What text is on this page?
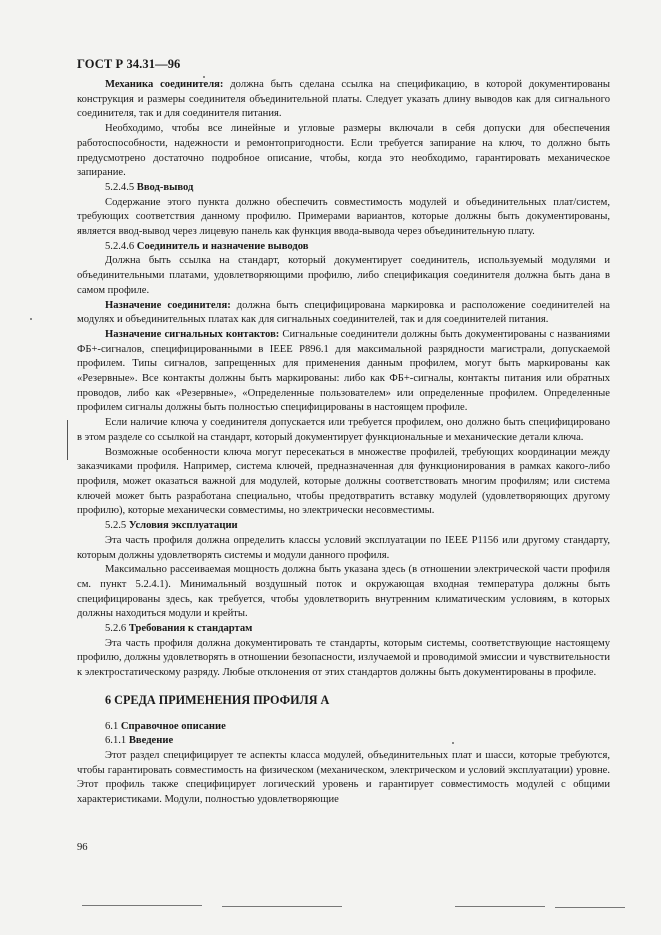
ГОСТ Р 34.31—96

Механика соединителя: должна быть сделана ссылка на спецификацию, в которой документированы конструкция и размеры соединителя объединительной платы. Следует указать длину выводов как для сигнального соединителя, так и для соединителя питания.

Необходимо, чтобы все линейные и угловые размеры включали в себя допуски для обеспечения работоспособности, надежности и ремонтопригодности. Если требуется запирание на ключ, то должно быть предусмотрено достаточно подробное описание, чтобы, когда это необходимо, гарантировать механическое запирание.

5.2.4.5 Ввод-вывод

Содержание этого пункта должно обеспечить совместимость модулей и объединительных плат/систем, требующих соответствия данному профилю. Примерами вариантов, которые должны быть документированы, является ввод-вывод через лицевую панель как функция ввода-вывода через объединительную плату.

5.2.4.6 Соединитель и назначение выводов

Должна быть ссылка на стандарт, который документирует соединитель, используемый модулями и объединительными платами, удовлетворяющими профилю, либо спецификация соединителя должна быть дана в самом профиле.

Назначение соединителя: должна быть специфицирована маркировка и расположение соединителей на модулях и объединительных платах как для сигнальных соединителей, так и для соединителей питания.

Назначение сигнальных контактов: Сигнальные соединители должны быть документированы с названиями ФБ+-сигналов, специфицированными в IEEE P896.1 для максимальной разрядности магистрали, допускаемой профилем. Типы сигналов, запрещенных для применения данным профилем, могут быть маркированы как «Резервные». Все контакты должны быть маркированы: либо как ФБ+-сигналы, контакты питания или обратных проводов, либо как «Резервные», «Определенные пользователем» или определенные профилем. Определенные профилем сигналы должны быть полностью специфицированы в настоящем профиле.

Если наличие ключа у соединителя допускается или требуется профилем, оно должно быть специфицировано в этом разделе со ссылкой на стандарт, который документирует функциональные и механические детали ключа.

Возможные особенности ключа могут пересекаться в множестве профилей, требующих координации между заказчиками профиля. Например, система ключей, предназначенная для функционирования в рамках какого-либо профиля, может оказаться важной для модулей, которые должны соответствовать многим профилям; или система ключей может быть разработана специально, чтобы предотвратить вставку модулей (удовлетворяющих другому профилю), которые механически совместимы, но электрически несовместимы.

5.2.5 Условия эксплуатации

Эта часть профиля должна определить классы условий эксплуатации по IEEE P1156 или другому стандарту, которым должны удовлетворять системы и модули данного профиля.

Максимально рассеиваемая мощность должна быть указана здесь (в отношении электрической части профиля см. пункт 5.2.4.1). Минимальный воздушный поток и окружающая входная температура должны быть специфицированы здесь, как требуется, чтобы удовлетворить внутренним климатическим условиям, в которых должны находиться модули и крейты.

5.2.6 Требования к стандартам

Эта часть профиля должна документировать те стандарты, которым системы, соответствующие настоящему профилю, должны удовлетворять в отношении безопасности, излучаемой и проводимой эмиссии и чувствительности к электростатическому разряду. Любые отклонения от этих стандартов должны быть документированы в профиле.

6 СРЕДА ПРИМЕНЕНИЯ ПРОФИЛЯ А
6.1 Справочное описание
6.1.1 Введение

Этот раздел специфицирует те аспекты класса модулей, объединительных плат и шасси, которые требуются, чтобы гарантировать совместимость на физическом (механическом, электрическом и условий эксплуатации) уровне. Этот профиль также специфицирует логический уровень и гарантирует совместимость модулей с общими характеристиками. Модули, полностью удовлетворяющие

96
